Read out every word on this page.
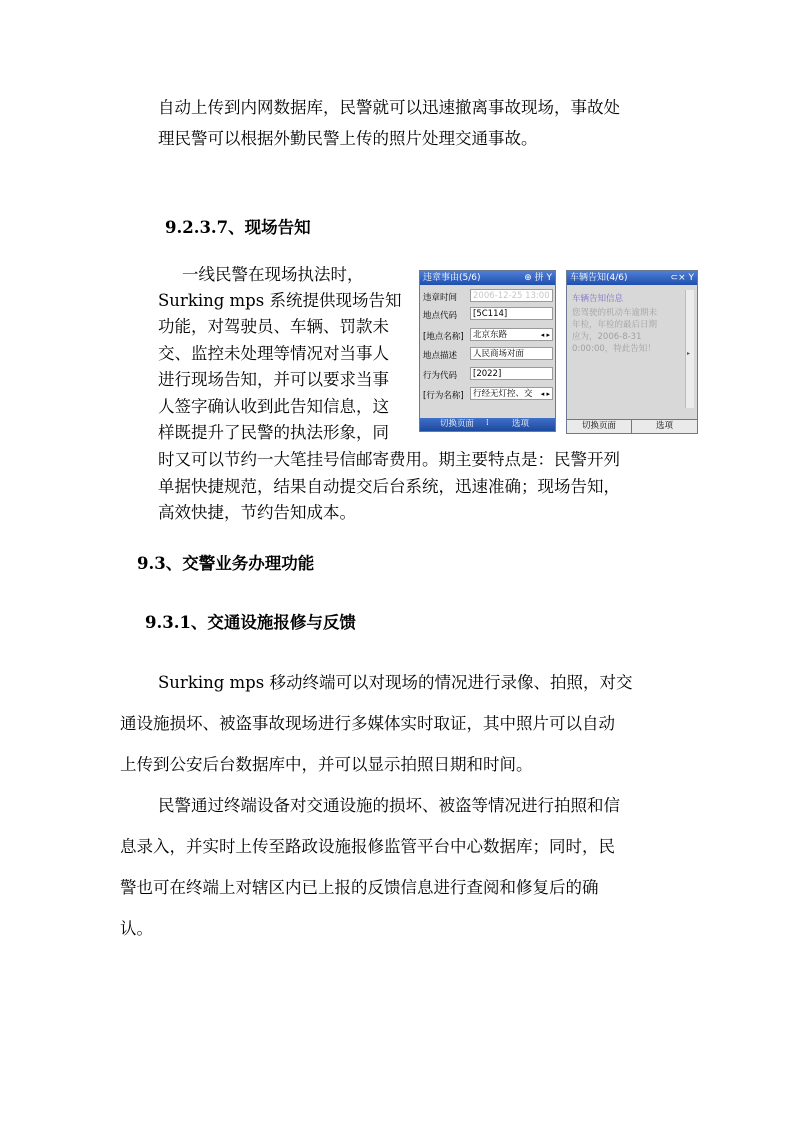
自动上传到内网数据库，民警就可以迅速撤离事故现场，事故处
理民警可以根据外勤民警上传的照片处理交通事故。
9.2.3.7、现场告知
一线民警在现场执法时，
Surking mps 系统提供现场告知
功能，对驾驶员、车辆、罚款未
交、监控未处理等情况对当事人
进行现场告知，并可以要求当事
人签字确认收到此告知信息，这
样既提升了民警的执法形象，同
时又可以节约一大笔挂号信邮寄费用。期主要特点是：民警开列
单据快捷规范，结果自动提交后台系统，迅速准确；现场告知，
高效快捷，节约告知成本。
违章事由(5/6)	⊕ 拼 Y
违章时间	2006-12-25 13:00
地点代码	[5C114]
[地点名称]	北京东路	◂ ▸
地点描述	人民商场对面
行为代码	[2022]
[行为名称]	行经无灯控、交 ◂ ▸
切换页面 ⁞	选项
车辆告知(4/6)	⊂× Y
车辆告知信息
您驾驶的机动车逾期未
年检，年检的最后日期
应为，2006-8-31
0:00:00，特此告知！	▸
切换页面	选项
9.3、交警业务办理功能
9.3.1、交通设施报修与反馈
Surking mps 移动终端可以对现场的情况进行录像、拍照，对交
通设施损坏、被盗事故现场进行多媒体实时取证，其中照片可以自动
上传到公安后台数据库中，并可以显示拍照日期和时间。
民警通过终端设备对交通设施的损坏、被盗等情况进行拍照和信
息录入，并实时上传至路政设施报修监管平台中心数据库；同时，民
警也可在终端上对辖区内已上报的反馈信息进行查阅和修复后的确
认。
